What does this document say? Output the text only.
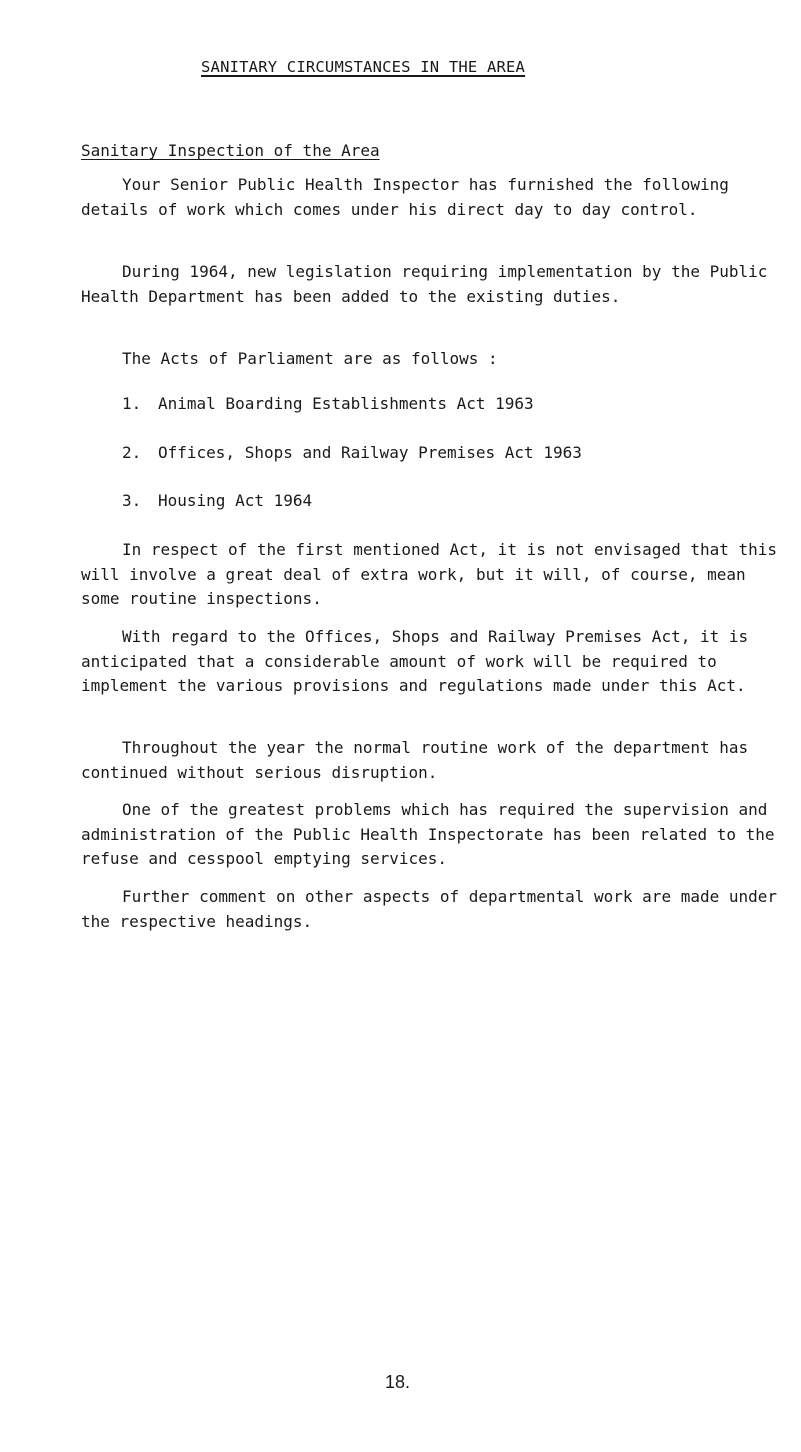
SANITARY CIRCUMSTANCES IN THE AREA
Sanitary Inspection of the Area

Your Senior Public Health Inspector has furnished the following details of work which comes under his direct day to day control.

During 1964, new legislation requiring implementation by the Public Health Department has been added to the existing duties.

The Acts of Parliament are as follows :

1. Animal Boarding Establishments Act 1963
2. Offices, Shops and Railway Premises Act 1963
3. Housing Act 1964

In respect of the first mentioned Act, it is not envisaged that this will involve a great deal of extra work, but it will, of course, mean some routine inspections.

With regard to the Offices, Shops and Railway Premises Act, it is anticipated that a considerable amount of work will be required to implement the various provisions and regulations made under this Act.

Throughout the year the normal routine work of the department has continued without serious disruption.

One of the greatest problems which has required the supervision and administration of the Public Health Inspectorate has been related to the refuse and cesspool emptying services.

Further comment on other aspects of departmental work are made under the respective headings.

18.
